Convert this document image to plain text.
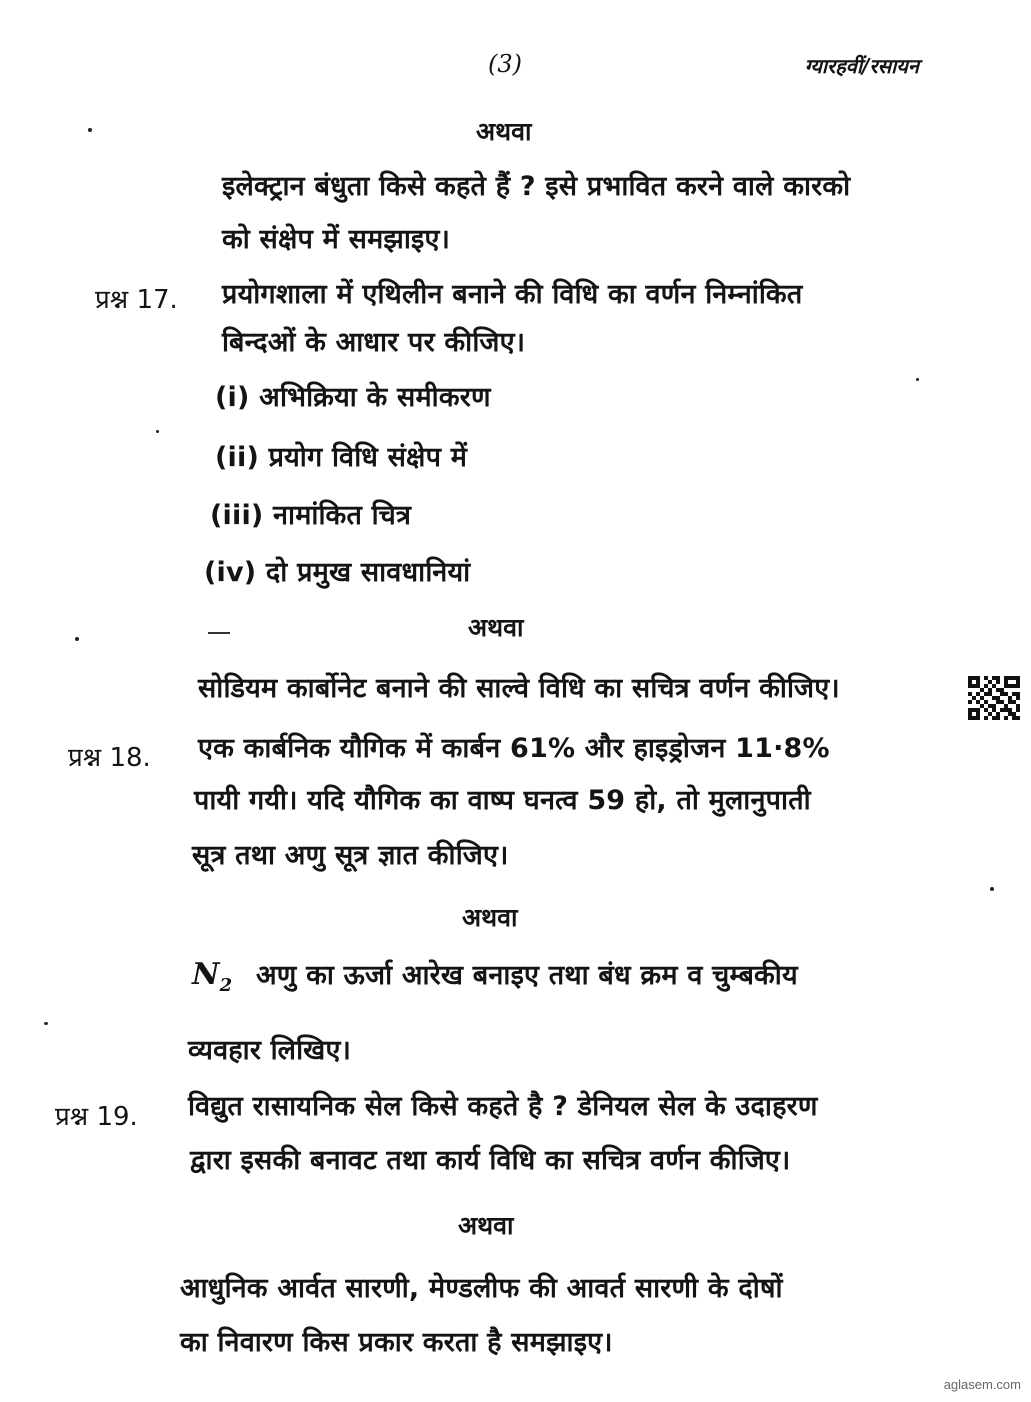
(3)	ग्यारहवीं/रसायन
अथवा
इलेक्ट्रान बंधुता किसे कहते हैं ? इसे प्रभावित करने वाले कारको
को संक्षेप में समझाइए।
प्रश्न 17. प्रयोगशाला में एथिलीन बनाने की विधि का वर्णन निम्नांकित
बिन्दओं के आधार पर कीजिए।
(i) अभिक्रिया के समीकरण
(ii) प्रयोग विधि संक्षेप में
(iii) नामांकित चित्र
(iv) दो प्रमुख सावधानियां
अथवा
सोडियम कार्बोनेट बनाने की साल्वे विधि का सचित्र वर्णन कीजिए।
प्रश्न 18. एक कार्बनिक यौगिक में कार्बन 61% और हाइड्रोजन 11·8%
पायी गयी। यदि यौगिक का वाष्प घनत्व 59 हो, तो मुलानुपाती
सूत्र तथा अणु सूत्र ज्ञात कीजिए।
अथवा
$N_2$ अणु का ऊर्जा आरेख बनाइए तथा बंध क्रम व चुम्बकीय
व्यवहार लिखिए।
प्रश्न 19. विद्युत रासायनिक सेल किसे कहते है ? डेनियल सेल के उदाहरण
द्वारा इसकी बनावट तथा कार्य विधि का सचित्र वर्णन कीजिए।
अथवा
आधुनिक आर्वत सारणी, मेण्डलीफ की आवर्त सारणी के दोषों
का निवारण किस प्रकार करता है समझाइए।
aglasem.com
